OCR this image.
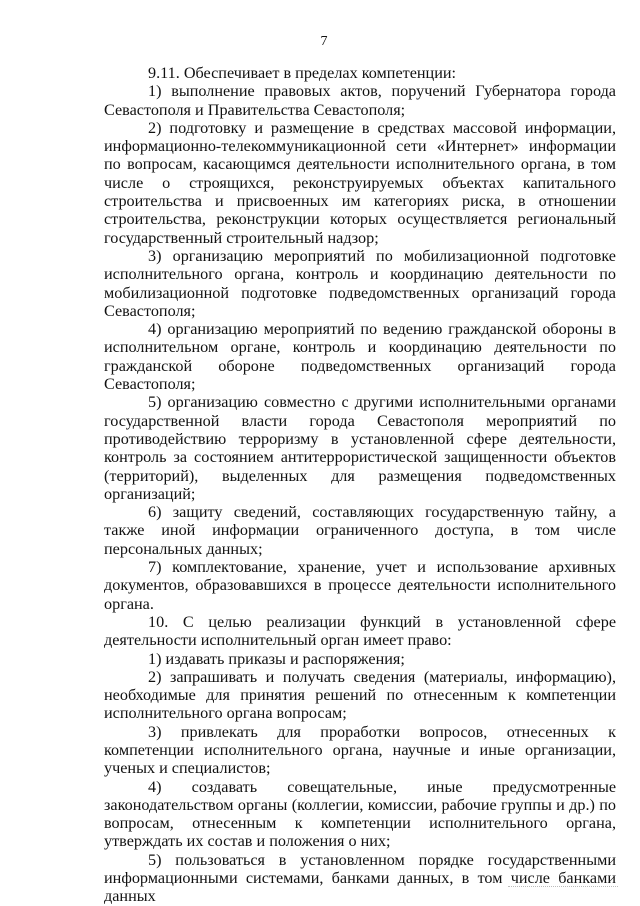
7

9.11. Обеспечивает в пределах компетенции:

1) выполнение правовых актов, поручений Губернатора города Севастополя и Правительства Севастополя;

2) подготовку и размещение в средствах массовой информации, информационно-телекоммуникационной сети «Интернет» информации по вопросам, касающимся деятельности исполнительного органа, в том числе о строящихся, реконструируемых объектах капитального строительства и присвоенных им категориях риска, в отношении строительства, реконструкции которых осуществляется региональный государственный строительный надзор;

3) организацию мероприятий по мобилизационной подготовке исполнительного органа, контроль и координацию деятельности по мобилизационной подготовке подведомственных организаций города Севастополя;

4) организацию мероприятий по ведению гражданской обороны в исполнительном органе, контроль и координацию деятельности по гражданской обороне подведомственных организаций города Севастополя;

5) организацию совместно с другими исполнительными органами государственной власти города Севастополя мероприятий по противодействию терроризму в установленной сфере деятельности, контроль за состоянием антитеррористической защищенности объектов (территорий), выделенных для размещения подведомственных организаций;

6) защиту сведений, составляющих государственную тайну, а также иной информации ограниченного доступа, в том числе персональных данных;

7) комплектование, хранение, учет и использование архивных документов, образовавшихся в процессе деятельности исполнительного органа.

10. С целью реализации функций в установленной сфере деятельности исполнительный орган имеет право:

1) издавать приказы и распоряжения;

2) запрашивать и получать сведения (материалы, информацию), необходимые для принятия решений по отнесенным к компетенции исполнительного органа вопросам;

3) привлекать для проработки вопросов, отнесенных к компетенции исполнительного органа, научные и иные организации, ученых и специалистов;

4) создавать совещательные, иные предусмотренные законодательством органы (коллегии, комиссии, рабочие группы и др.) по вопросам, отнесенным к компетенции исполнительного органа, утверждать их состав и положения о них;

5) пользоваться в установленном порядке государственными информационными системами, банками данных, в том числе банками данных
